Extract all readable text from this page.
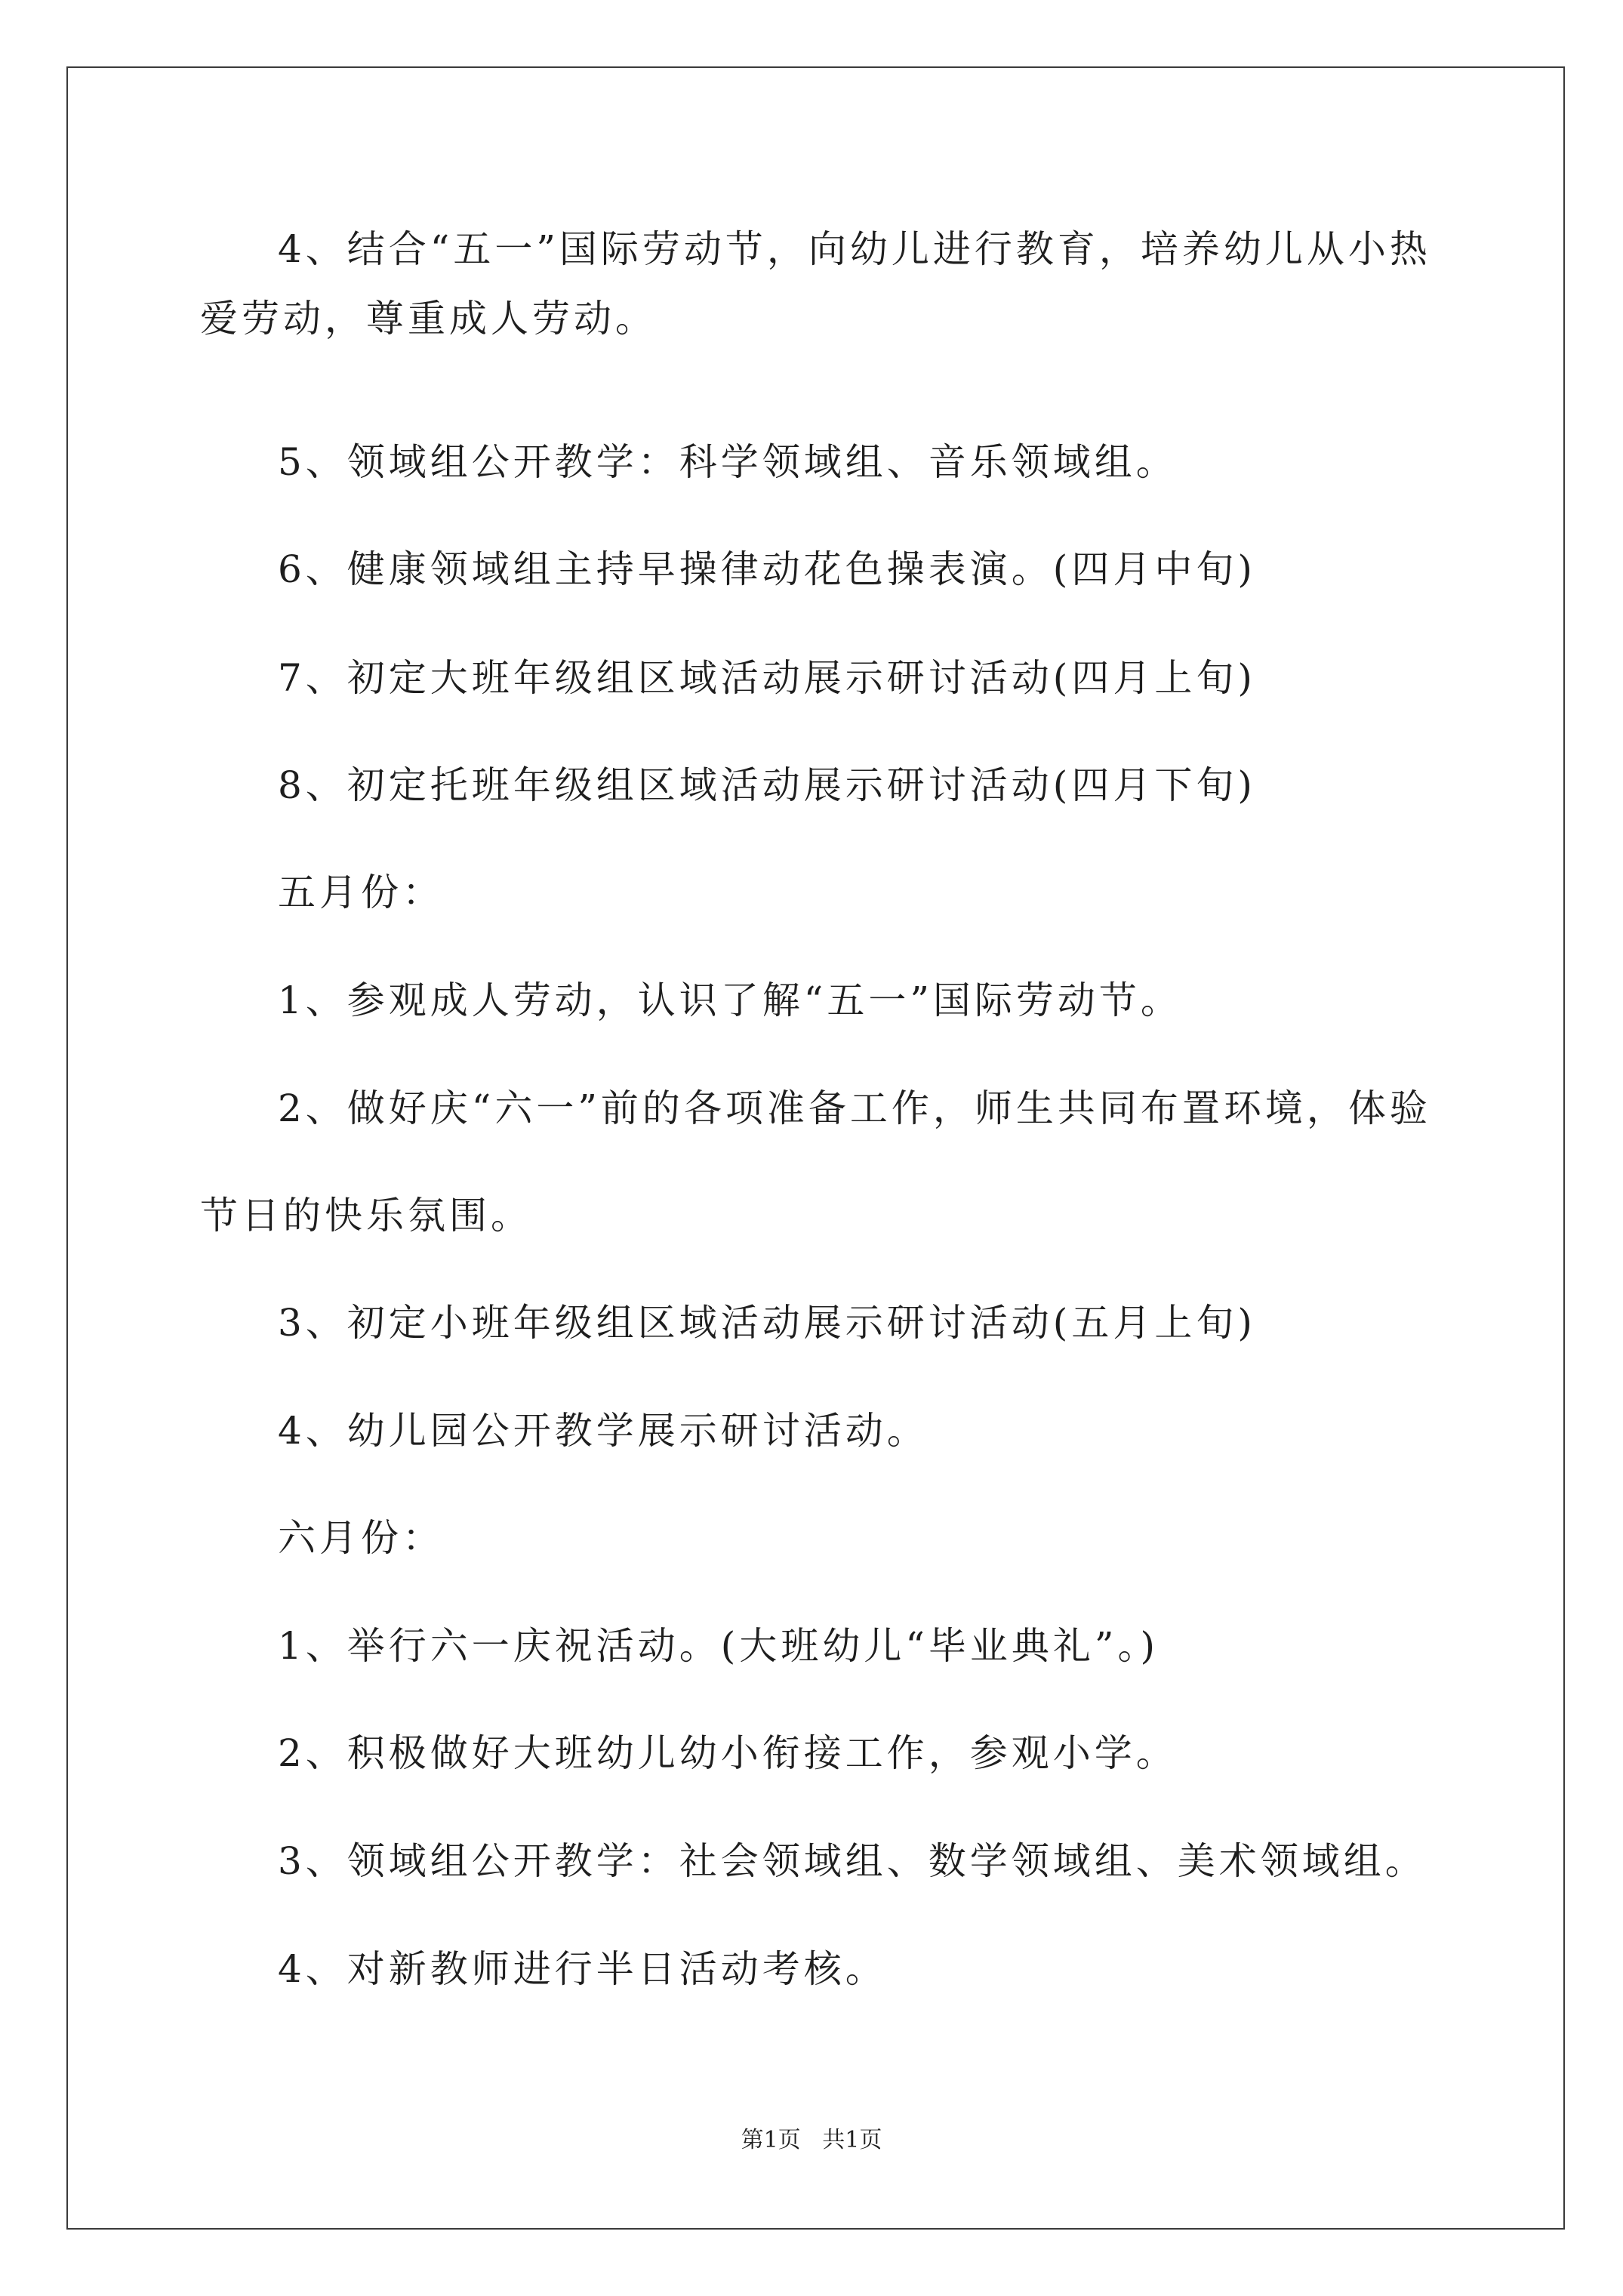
4、结合“五一”国际劳动节，向幼儿进行教育，培养幼儿从小热

爱劳动，尊重成人劳动。

5、领域组公开教学：科学领域组、音乐领域组。

6、健康领域组主持早操律动花色操表演。(四月中旬)

7、初定大班年级组区域活动展示研讨活动(四月上旬)

8、初定托班年级组区域活动展示研讨活动(四月下旬)

五月份：

1、参观成人劳动，认识了解“五一”国际劳动节。

2、做好庆“六一”前的各项准备工作，师生共同布置环境，体验

节日的快乐氛围。

3、初定小班年级组区域活动展示研讨活动(五月上旬)

4、幼儿园公开教学展示研讨活动。

六月份：

1、举行六一庆祝活动。(大班幼儿“毕业典礼”。)

2、积极做好大班幼儿幼小衔接工作，参观小学。

3、领域组公开教学：社会领域组、数学领域组、美术领域组。

4、对新教师进行半日活动考核。

第1页   共1页
